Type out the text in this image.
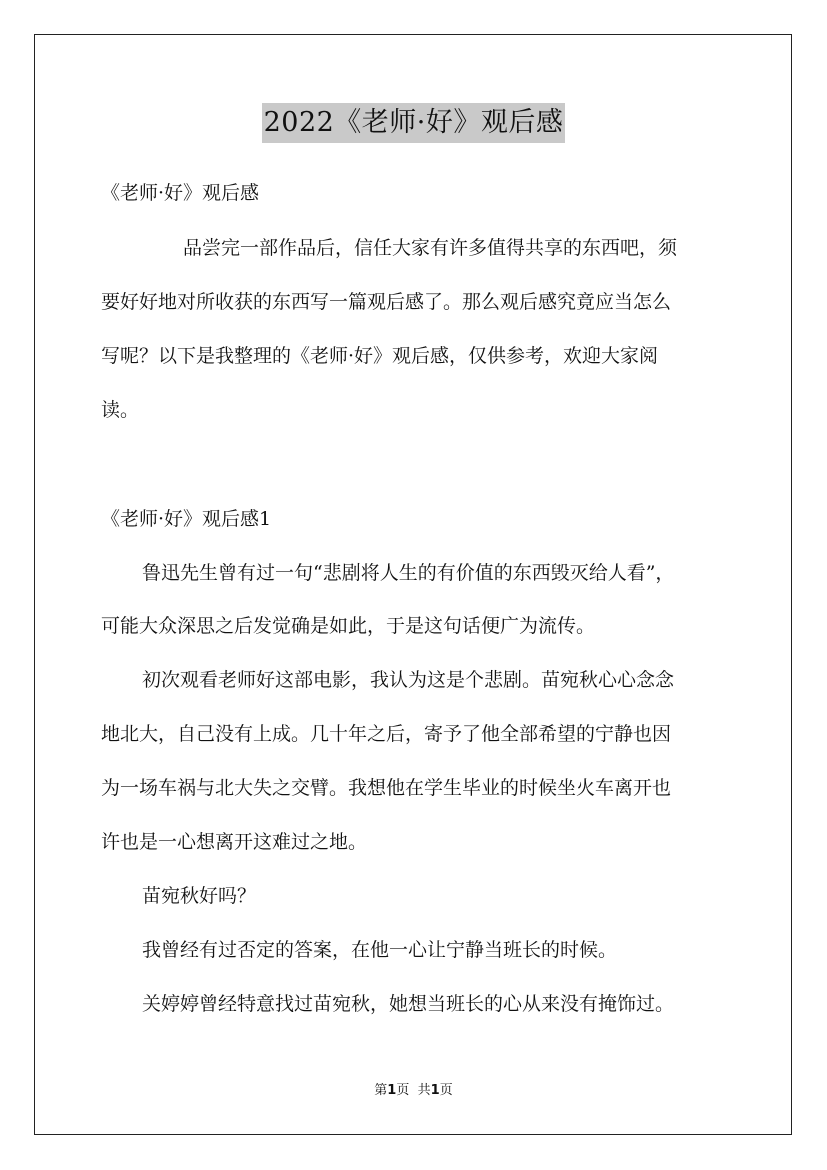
2022《老师·好》观后感
《老师·好》观后感
品尝完一部作品后，信任大家有许多值得共享的东西吧，须
要好好地对所收获的东西写一篇观后感了。那么观后感究竟应当怎么
写呢？以下是我整理的《老师·好》观后感，仅供参考，欢迎大家阅
读。
《老师·好》观后感1
鲁迅先生曾有过一句“悲剧将人生的有价值的东西毁灭给人看”，
可能大众深思之后发觉确是如此，于是这句话便广为流传。
初次观看老师好这部电影，我认为这是个悲剧。苗宛秋心心念念
地北大，自己没有上成。几十年之后，寄予了他全部希望的宁静也因
为一场车祸与北大失之交臂。我想他在学生毕业的时候坐火车离开也
许也是一心想离开这难过之地。
苗宛秋好吗？
我曾经有过否定的答案，在他一心让宁静当班长的时候。
关婷婷曾经特意找过苗宛秋，她想当班长的心从来没有掩饰过。
第1页 共1页
